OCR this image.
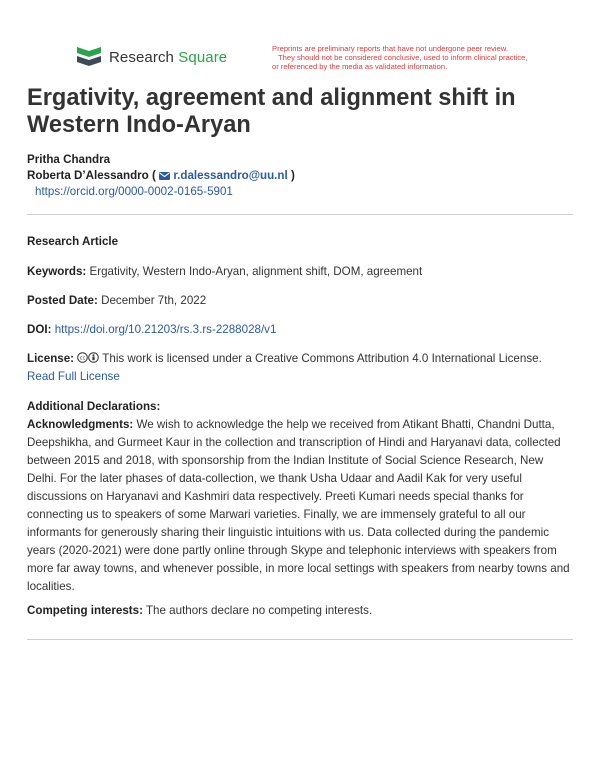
Research Square	Preprints are preliminary reports that have not undergone peer review.
They should not be considered conclusive, used to inform clinical practice,
or referenced by the media as validated information.
Ergativity, agreement and alignment shift in Western Indo-Aryan
Pritha Chandra
Roberta D’Alessandro (  r.dalessandro@uu.nl )
https://orcid.org/0000-0002-0165-5901
Research Article
Keywords: Ergativity, Western Indo-Aryan, alignment shift, DOM, agreement
Posted Date: December 7th, 2022
DOI: https://doi.org/10.21203/rs.3.rs-2288028/v1
License: cc This work is licensed under a Creative Commons Attribution 4.0 International License.
Read Full License
Additional Declarations:
Acknowledgments: We wish to acknowledge the help we received from Atikant Bhatti, Chandni Dutta, Deepshikha, and Gurmeet Kaur in the collection and transcription of Hindi and Haryanavi data, collected between 2015 and 2018, with sponsorship from the Indian Institute of Social Science Research, New Delhi. For the later phases of data-collection, we thank Usha Udaar and Aadil Kak for very useful discussions on Haryanavi and Kashmiri data respectively. Preeti Kumari needs special thanks for connecting us to speakers of some Marwari varieties. Finally, we are immensely grateful to all our informants for generously sharing their linguistic intuitions with us. Data collected during the pandemic years (2020-2021) were done partly online through Skype and telephonic interviews with speakers from more far away towns, and whenever possible, in more local settings with speakers from nearby towns and localities.
Competing interests: The authors declare no competing interests.
